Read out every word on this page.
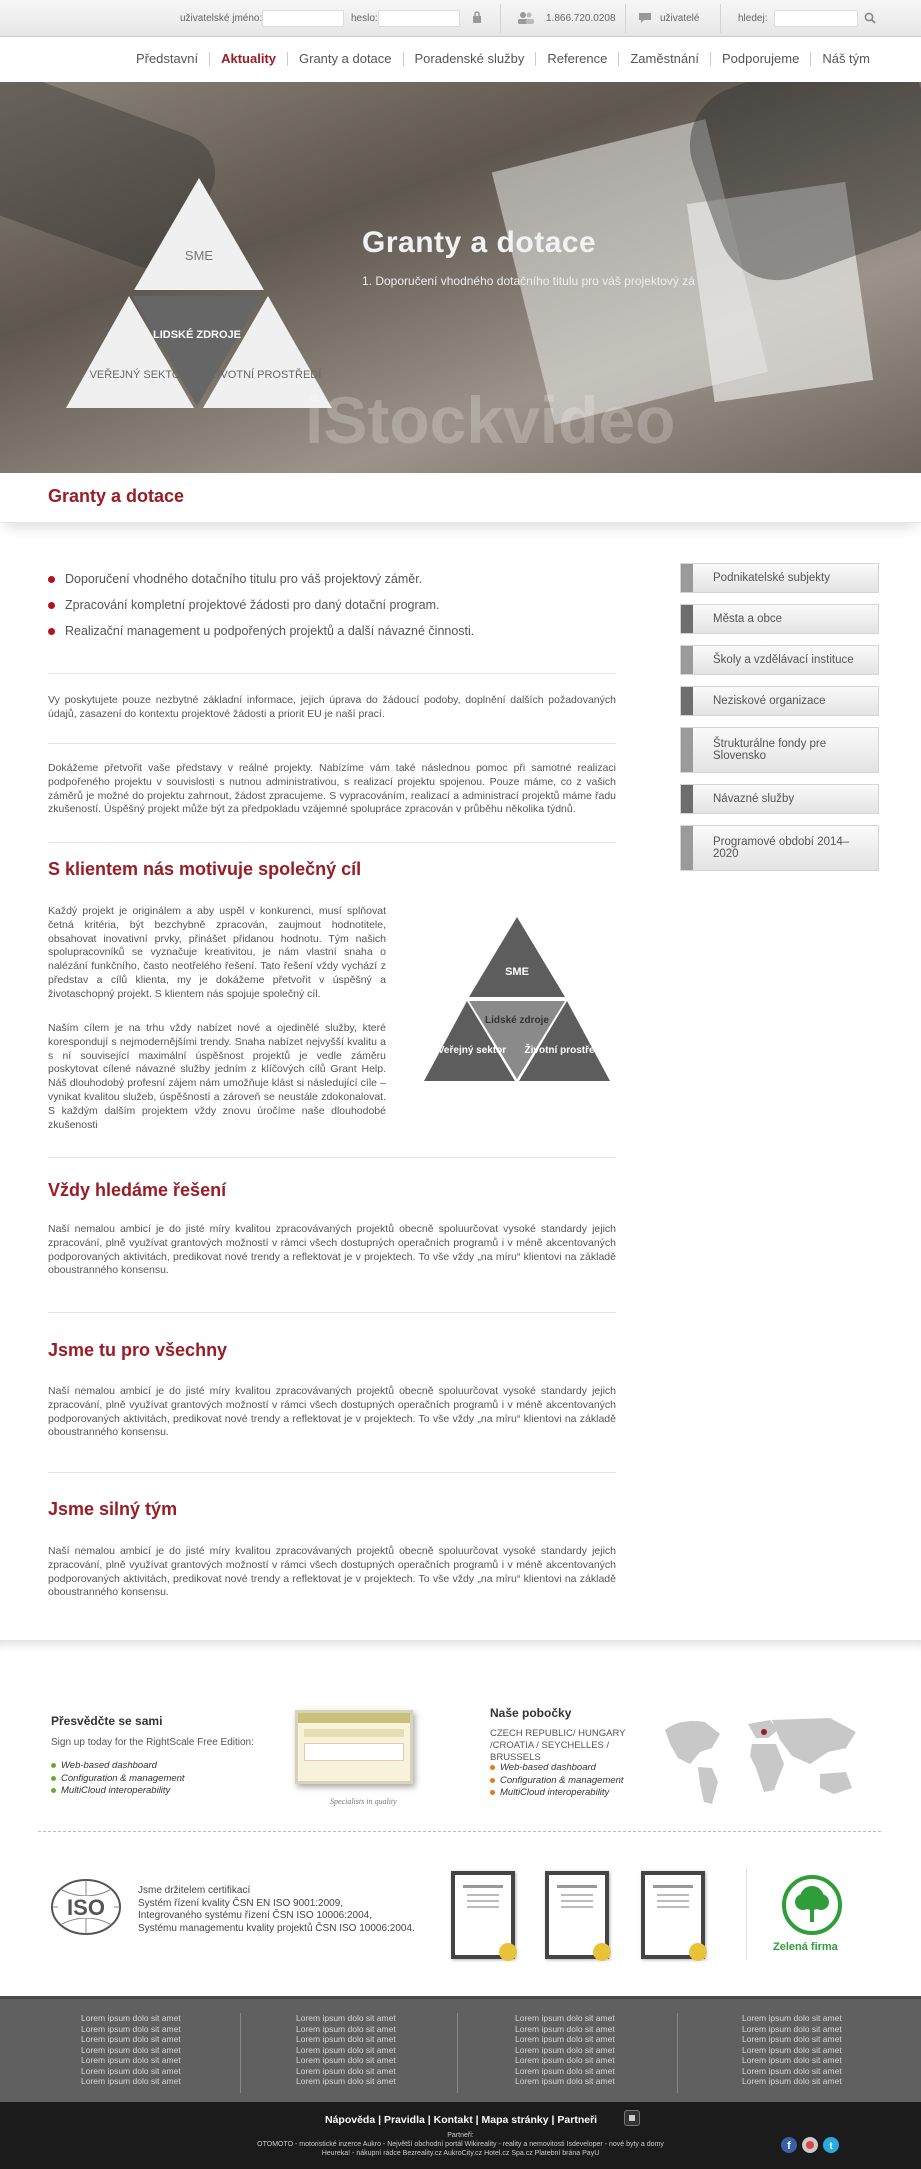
uživatelské jméno:	heslo:	1.866.720.0208	uživatelé	hledej:
Představní	Aktuality	Granty a dotace	Poradenské služby	Reference	Zaměstnání	Podporujeme	Náš tým
SME
LIDSKÉ ZDROJE
VEŘEJNÝ SEKTOR ŽIVOTNÍ PROSTŘEDÍ
Granty a dotace
1. Doporučení vhodného dotačního titulu pro váš projektový zá
iStockvideo
Granty a dotace
Doporučení vhodného dotačního titulu pro váš projektový záměr.
Zpracování kompletní projektové žádosti pro daný dotační program.
Realizační management u podpořených projektů a další návazné činnosti.

Vy poskytujete pouze nezbytné základní informace, jejich úprava do žádoucí podoby, doplnění dalších požadovaných údajů, zasazení do kontextu projektové žádosti a priorit EU je naší prací.

Dokážeme přetvořit vaše představy v reálné projekty. Nabízíme vám také následnou pomoc při samotné realizaci podpořeného projektu v souvislosti s nutnou administrativou, s realizací projektu spojenou. Pouze máme, co z vašich záměrů je možné do projektu zahrnout, žádost zpracujeme. S vypracováním, realizací a administrací projektů máme řadu zkušeností. Úspěšný projekt může být za předpokladu vzájemné spolupráce zpracován v průběhu několika týdnů.

S klientem nás motivuje společný cíl

Každý projekt je originálem a aby uspěl v konkurenci, musí splňovat četná kritéria, být bezchybně zpracován, zaujmout hodnotitele, obsahovat inovativní prvky, přinášet přidanou hodnotu. Tým našich spolupracovníků se vyznačuje kreativitou, je nám vlastní snaha o nalézání funkčního, často neotřelého řešení. Tato řešení vždy vychází z představ a cílů klienta, my je dokážeme přetvořit v úspěšný a životaschopný projekt. S klientem nás spojuje společný cíl.

Naším cílem je na trhu vždy nabízet nové a ojedinělé služby, které korespondují s nejmodernějšími trendy. Snaha nabízet nejvyšší kvalitu a s ní související maximální úspěšnost projektů je vedle záměru poskytovat cílené návazné služby jedním z klíčových cílů Grant Help. Náš dlouhodobý profesní zájem nám umožňuje klást si následující cíle – vynikat kvalitou služeb, úspěšností a zároveň se neustále zdokonalovat. S každým dalším projektem vždy znovu úročíme naše dlouhodobé zkušenosti

SME
Lidské zdroje
Veřejný sektor Životní prostředí
Vždy hledáme řešení

Naší nemalou ambicí je do jisté míry kvalitou zpracovávaných projektů obecně spoluurčovat vysoké standardy jejich zpracování, plně využívat grantových možností v rámci všech dostupných operačních programů i v méně akcentovaných podporovaných aktivitách, predikovat nové trendy a reflektovat je v projektech. To vše vždy „na míru“ klientovi na základě oboustranného konsensu.

Jsme tu pro všechny

Naší nemalou ambicí je do jisté míry kvalitou zpracovávaných projektů obecně spoluurčovat vysoké standardy jejich zpracování, plně využívat grantových možností v rámci všech dostupných operačních programů i v méně akcentovaných podporovaných aktivitách, predikovat nové trendy a reflektovat je v projektech. To vše vždy „na míru“ klientovi na základě oboustranného konsensu.

Jsme silný tým

Naší nemalou ambicí je do jisté míry kvalitou zpracovávaných projektů obecně spoluurčovat vysoké standardy jejich zpracování, plně využívat grantových možností v rámci všech dostupných operačních programů i v méně akcentovaných podporovaných aktivitách, predikovat nové trendy a reflektovat je v projektech. To vše vždy „na míru“ klientovi na základě oboustranného konsensu.

Podnikatelské subjekty
Města a obce
Školy a vzdělávací instituce
Neziskové organizace
Štrukturálne fondy pre Slovensko
Návazné služby
Programové období 2014–2020
Přesvědčte se sami
Sign up today for the RightScale Free Edition:
Web-based dashboard
Configuration & management
MultiCloud interoperability
Specialists in quality
Naše pobočky
CZECH REPUBLIC/ HUNGARY /CROATIA / SEYCHELLES / BRUSSELS
Web-based dashboard
Configuration & management
MultiCloud interoperability
ISO
Jsme držitelem certifikací
Systém řízení kvality ČSN EN ISO 9001:2009,
Integrovaného systému řízení ČSN ISO 10006:2004,
Systému managementu kvality projektů ČSN ISO 10006:2004.
Zelená firma
Lorem ipsum dolo sit amet
Lorem ipsum dolo sit amet
Lorem ipsum dolo sit amet
Lorem ipsum dolo sit amet
Lorem ipsum dolo sit amet
Lorem ipsum dolo sit amet
Lorem ipsum dolo sit amet
Lorem ipsum dolo sit amet
Lorem ipsum dolo sit amet
Lorem ipsum dolo sit amet
Lorem ipsum dolo sit amet
Lorem ipsum dolo sit amet
Lorem ipsum dolo sit amet
Lorem ipsum dolo sit amet
Lorem ipsum dolo sit amet
Lorem ipsum dolo sit amet
Lorem ipsum dolo sit amet
Lorem ipsum dolo sit amet
Lorem ipsum dolo sit amet
Lorem ipsum dolo sit amet
Lorem ipsum dolo sit amet
Lorem ipsum dolo sit amet
Lorem ipsum dolo sit amet
Lorem ipsum dolo sit amet
Lorem ipsum dolo sit amet
Lorem ipsum dolo sit amet
Lorem ipsum dolo sit amet
Lorem ipsum dolo sit amet
Nápověda | Pravidla | Kontakt | Mapa stránky | Partneři
Partneři:
OTOMOTO - motoristické inzerce Aukro - Největší obchodní portál Wikireality - reality a nemovitosti Isdeveloper - nové byty a domy
Heureka! - nákupní rádce Bezreality.cz AukroCity.cz Hotel.cz Spa.cz Platební brána PayU
f	t
